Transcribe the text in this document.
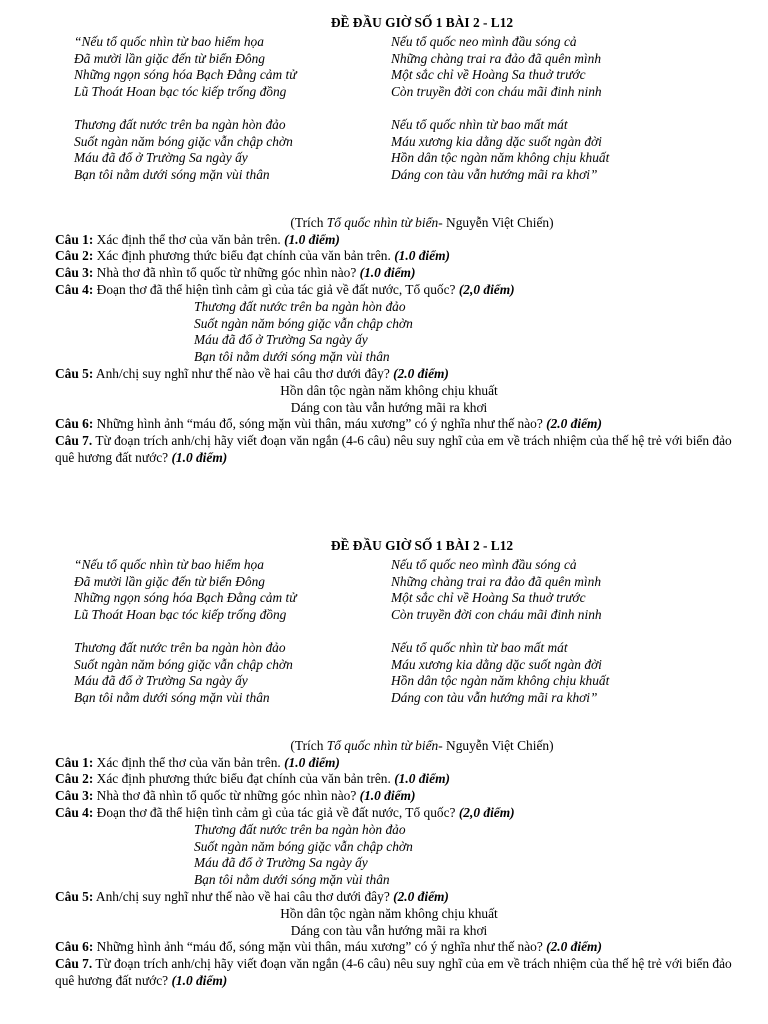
ĐỀ ĐẦU GIỜ SỐ 1 BÀI 2 - L12
“Nếu tổ quốc nhìn từ bao hiểm họa
Đã mười lần giặc đến từ biển Đông
Những ngọn sóng hóa Bạch Đằng cảm tử
Lũ Thoát Hoan bạc tóc kiếp trống đồng
Nếu tổ quốc neo mình đầu sóng cả
Những chàng trai ra đảo đã quên mình
Một sắc chỉ về Hoàng Sa thuở trước
Còn truyền đời con cháu mãi đinh ninh
Thương đất nước trên ba ngàn hòn đảo
Suốt ngàn năm bóng giặc vẫn chập chờn
Máu đã đổ ở Trường Sa ngày ấy
Bạn tôi nằm dưới sóng mặn vùi thân
Nếu tổ quốc nhìn từ bao mất mát
Máu xương kia dằng dặc suốt ngàn đời
Hồn dân tộc ngàn năm không chịu khuất
Dáng con tàu vẫn hướng mãi ra khơi”
(Trích Tổ quốc nhìn từ biển- Nguyễn Việt Chiến)
Câu 1: Xác định thể thơ của văn bản trên. (1.0 điểm)
Câu 2: Xác định phương thức biểu đạt chính của văn bản trên. (1.0 điểm)
Câu 3: Nhà thơ đã nhìn tổ quốc từ những góc nhìn nào? (1.0 điểm)
Câu 4: Đoạn thơ đã thể hiện tình cảm gì của tác giả về đất nước, Tổ quốc? (2,0 điểm)
Thương đất nước trên ba ngàn hòn đảo
Suốt ngàn năm bóng giặc vẫn chập chờn
Máu đã đổ ở Trường Sa ngày ấy
Bạn tôi nằm dưới sóng mặn vùi thân
Câu 5: Anh/chị suy nghĩ như thế nào về hai câu thơ dưới đây? (2.0 điểm)
Hồn dân tộc ngàn năm không chịu khuất
Dáng con tàu vẫn hướng mãi ra khơi
Câu 6: Những hình ảnh “máu đổ, sóng mặn vùi thân, máu xương” có ý nghĩa như thế nào? (2.0 điểm)
Câu 7. Từ đoạn trích anh/chị hãy viết đoạn văn ngắn (4-6 câu) nêu suy nghĩ của em về trách nhiệm của thế hệ trẻ với biển đảo quê hương đất nước? (1.0 điểm)
ĐỀ ĐẦU GIỜ SỐ 1 BÀI 2 - L12
“Nếu tổ quốc nhìn từ bao hiểm họa
Đã mười lần giặc đến từ biển Đông
Những ngọn sóng hóa Bạch Đằng cảm tử
Lũ Thoát Hoan bạc tóc kiếp trống đồng
Nếu tổ quốc neo mình đầu sóng cả
Những chàng trai ra đảo đã quên mình
Một sắc chỉ về Hoàng Sa thuở trước
Còn truyền đời con cháu mãi đinh ninh
Thương đất nước trên ba ngàn hòn đảo
Suốt ngàn năm bóng giặc vẫn chập chờn
Máu đã đổ ở Trường Sa ngày ấy
Bạn tôi nằm dưới sóng mặn vùi thân
Nếu tổ quốc nhìn từ bao mất mát
Máu xương kia dằng dặc suốt ngàn đời
Hồn dân tộc ngàn năm không chịu khuất
Dáng con tàu vẫn hướng mãi ra khơi”
(Trích Tổ quốc nhìn từ biển- Nguyễn Việt Chiến)
Câu 1: Xác định thể thơ của văn bản trên. (1.0 điểm)
Câu 2: Xác định phương thức biểu đạt chính của văn bản trên. (1.0 điểm)
Câu 3: Nhà thơ đã nhìn tổ quốc từ những góc nhìn nào? (1.0 điểm)
Câu 4: Đoạn thơ đã thể hiện tình cảm gì của tác giả về đất nước, Tổ quốc? (2,0 điểm)
Thương đất nước trên ba ngàn hòn đảo
Suốt ngàn năm bóng giặc vẫn chập chờn
Máu đã đổ ở Trường Sa ngày ấy
Bạn tôi nằm dưới sóng mặn vùi thân
Câu 5: Anh/chị suy nghĩ như thế nào về hai câu thơ dưới đây? (2.0 điểm)
Hồn dân tộc ngàn năm không chịu khuất
Dáng con tàu vẫn hướng mãi ra khơi
Câu 6: Những hình ảnh “máu đổ, sóng mặn vùi thân, máu xương” có ý nghĩa như thế nào? (2.0 điểm)
Câu 7. Từ đoạn trích anh/chị hãy viết đoạn văn ngắn (4-6 câu) nêu suy nghĩ của em về trách nhiệm của thế hệ trẻ với biển đảo quê hương đất nước? (1.0 điểm)
